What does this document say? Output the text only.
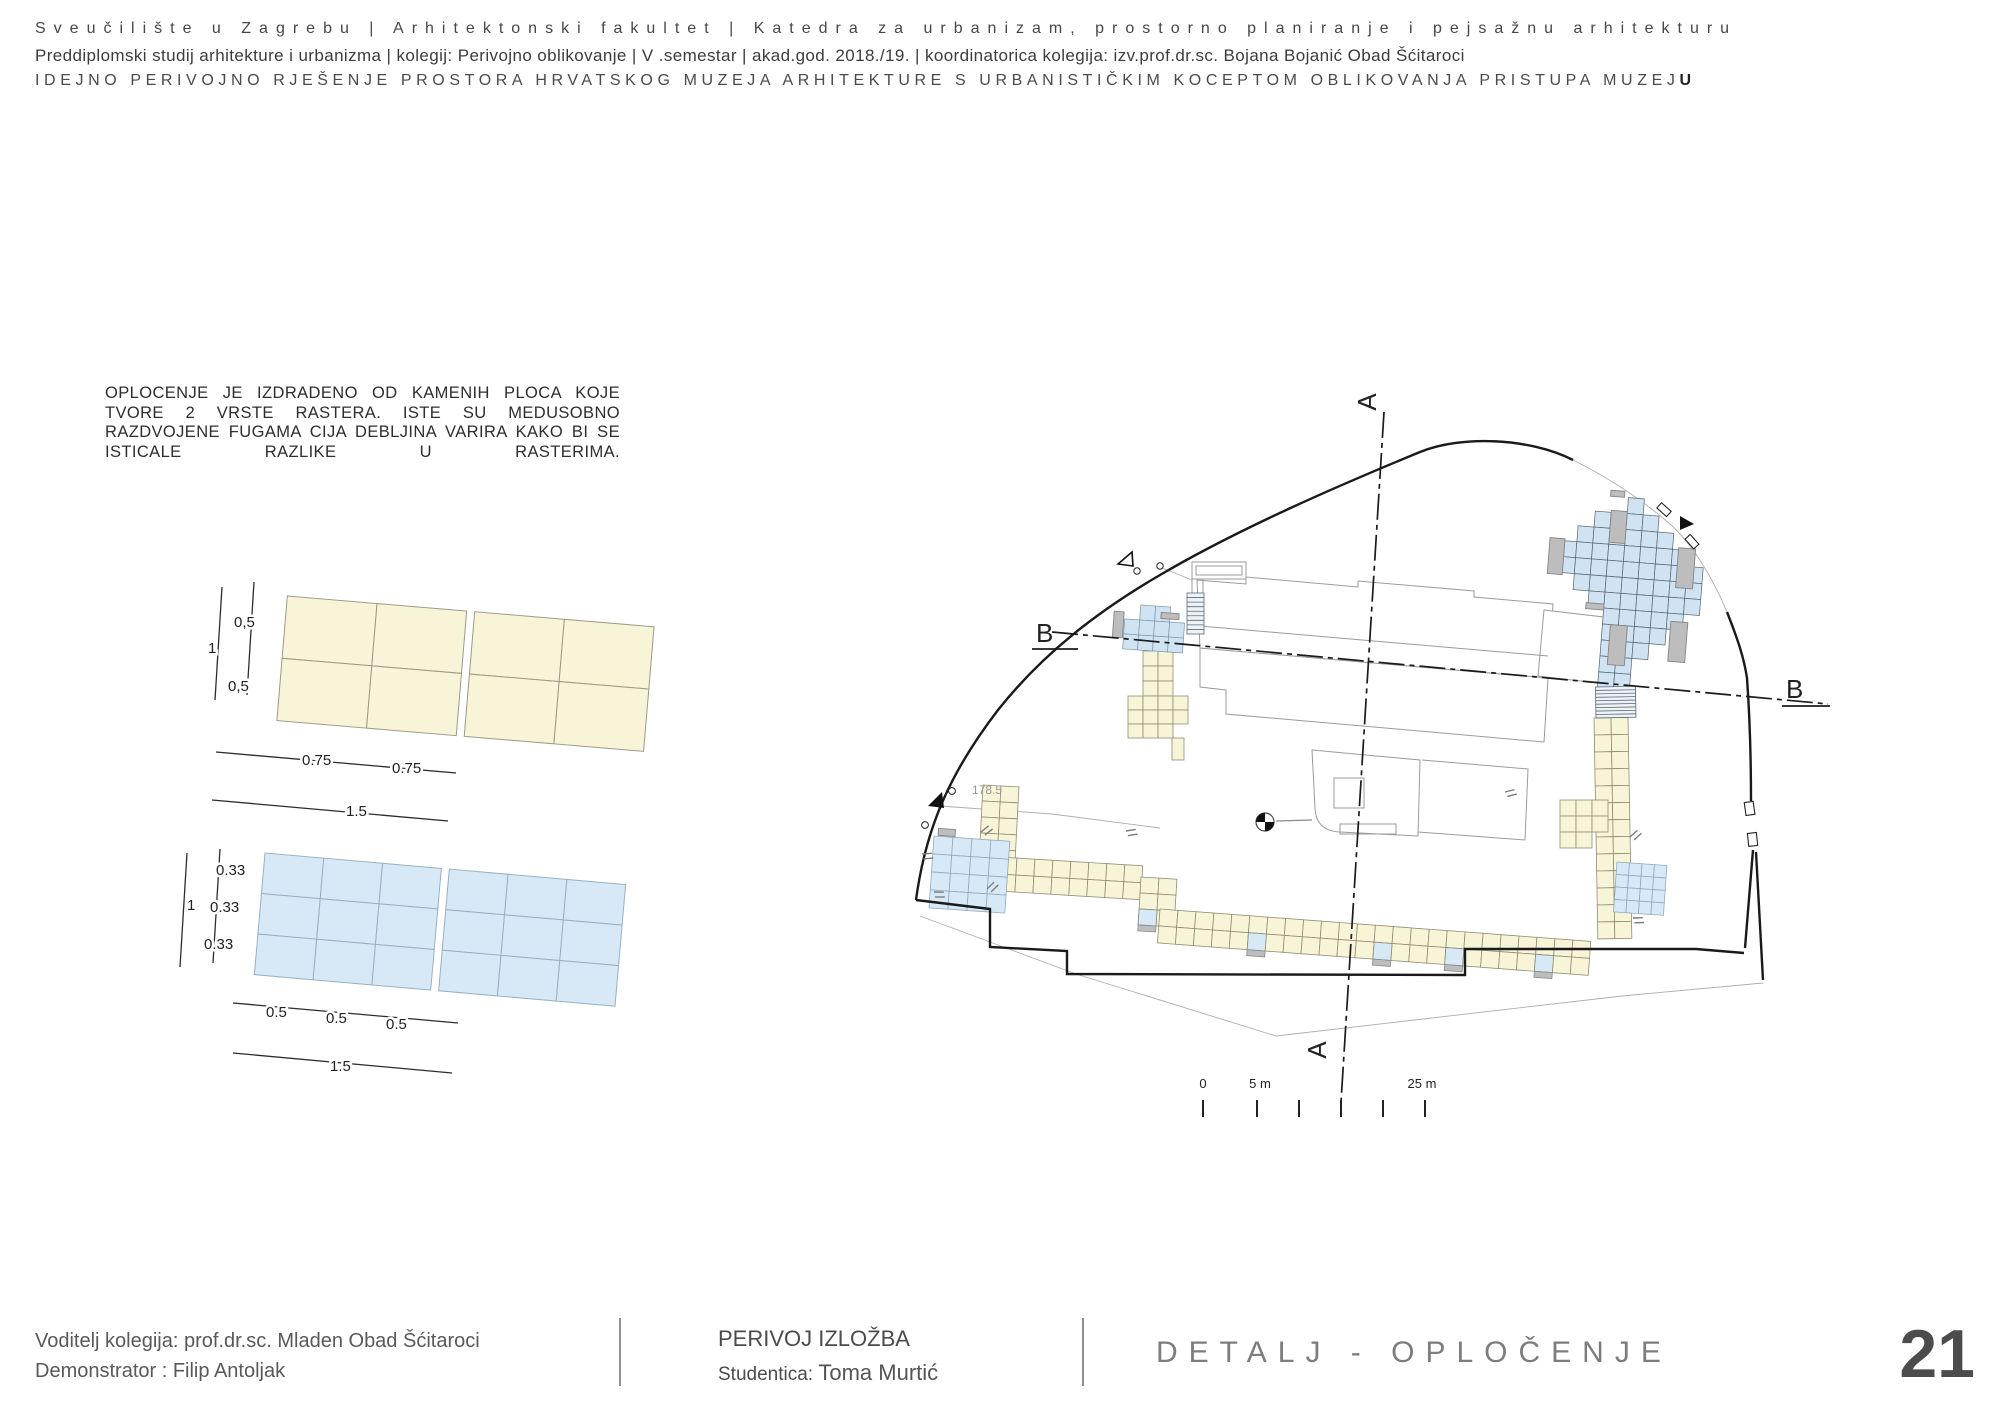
Sveučilište u Zagrebu | Arhitektonski fakultet | Katedra za urbanizam, prostorno planiranje i pejsažnu arhitekturu
Preddiplomski studij arhitekture i urbanizma | kolegij: Perivojno oblikovanje | V .semestar | akad.god. 2018./19. | koordinatorica kolegija: izv.prof.dr.sc. Bojana Bojanić Obad Šćitaroci
IDEJNO PERIVOJNO RJEŠENJE PROSTORA HRVATSKOG MUZEJA ARHITEKTURE S URBANISTIČKIM KOCEPTOM OBLIKOVANJA PRISTUPA MUZEJU
OPLOCENJE JE IZDRADENO OD KAMENIH PLOCA KOJE TVORE 2 VRSTE RASTERA. ISTE SU MEDUSOBNO RAZDVOJENE FUGAMA CIJA DEBLJINA VARIRA KAKO BI SE ISTICALE RAZLIKE U RASTERIMA.
0,5
1
0,5
0.75	0.75
1.5
0.33
1 0.33
0.33
0.5	0.5	0.5
1.5
178.5
A
A
B
B
0	5 m	25 m
Voditelj kolegija: prof.dr.sc. Mladen Obad Šćitaroci
Demonstrator : Filip Antoljak
PERIVOJ IZLOŽBA
Studentica: Toma Murtić
DETALJ - OPLOČENJE	21
